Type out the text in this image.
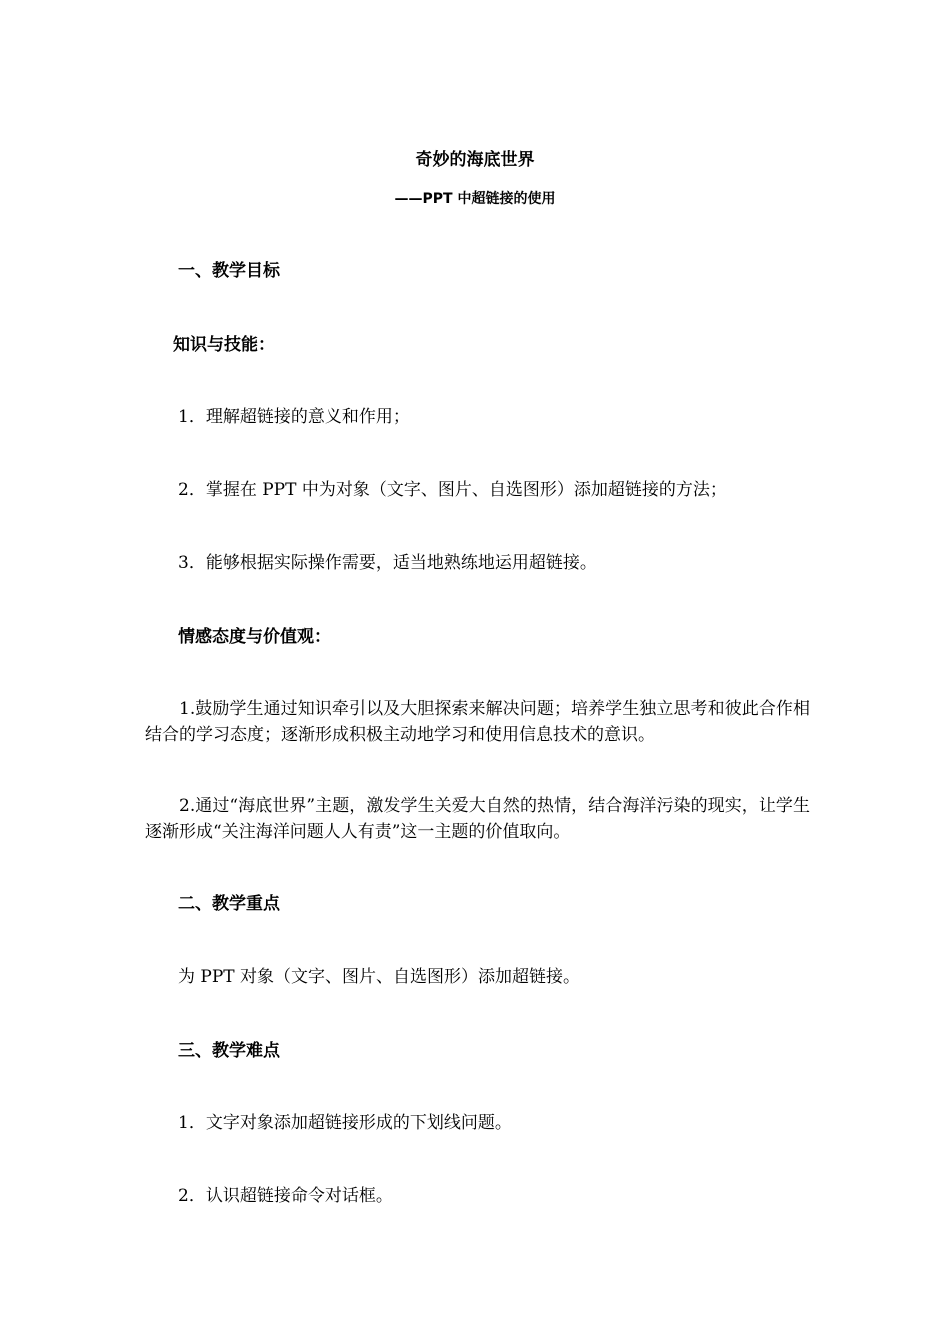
奇妙的海底世界
——PPT 中超链接的使用
一、教学目标
知识与技能：
1．理解超链接的意义和作用；
2．掌握在 PPT 中为对象（文字、图片、自选图形）添加超链接的方法；
3．能够根据实际操作需要，适当地熟练地运用超链接。
情感态度与价值观：
1.鼓励学生通过知识牵引以及大胆探索来解决问题；培养学生独立思考和彼此合作相结合的学习态度；逐渐形成积极主动地学习和使用信息技术的意识。
2.通过“海底世界”主题，激发学生关爱大自然的热情，结合海洋污染的现实，让学生逐渐形成“关注海洋问题人人有责”这一主题的价值取向。
二、教学重点
为 PPT 对象（文字、图片、自选图形）添加超链接。
三、教学难点
1．文字对象添加超链接形成的下划线问题。
2．认识超链接命令对话框。
